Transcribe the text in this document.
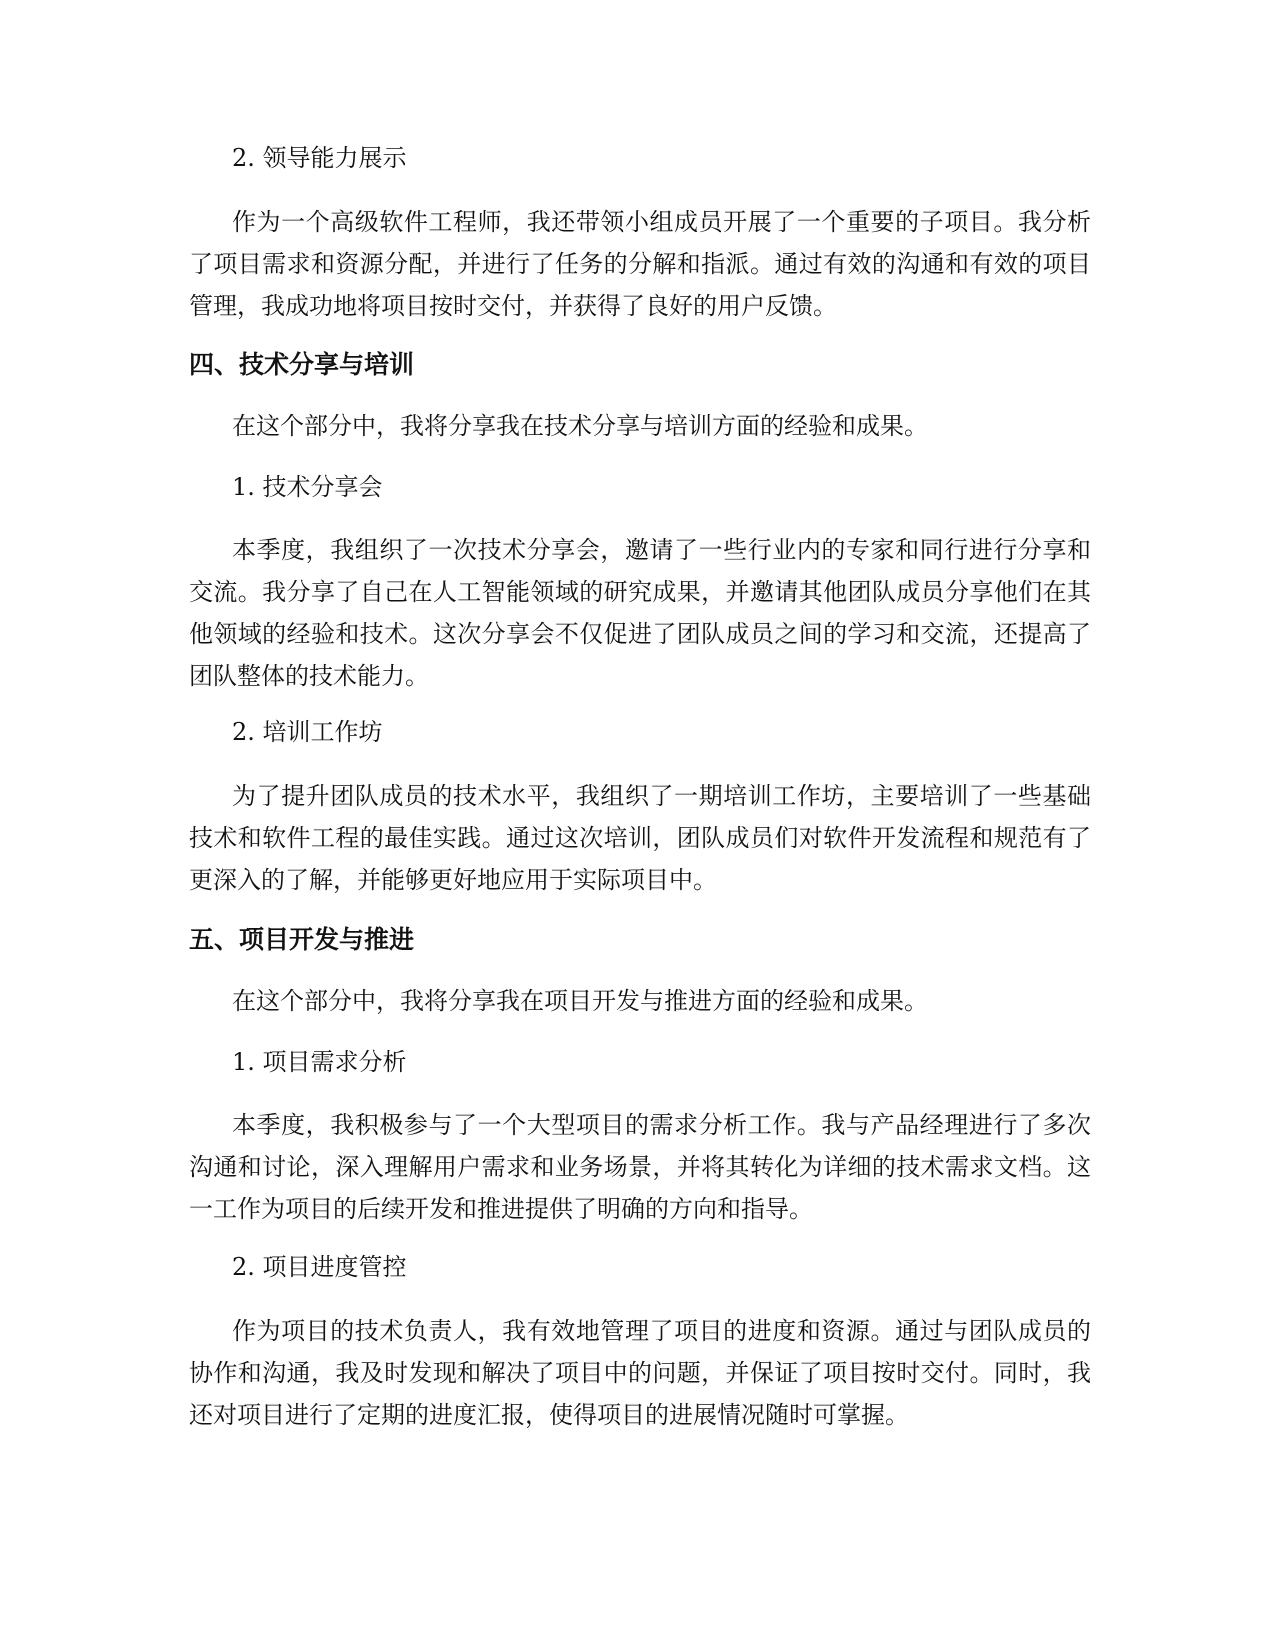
2. 领导能力展示

作为一个高级软件工程师，我还带领小组成员开展了一个重要的子项目。我分析了项目需求和资源分配，并进行了任务的分解和指派。通过有效的沟通和有效的项目管理，我成功地将项目按时交付，并获得了良好的用户反馈。

四、技术分享与培训

在这个部分中，我将分享我在技术分享与培训方面的经验和成果。

1. 技术分享会

本季度，我组织了一次技术分享会，邀请了一些行业内的专家和同行进行分享和交流。我分享了自己在人工智能领域的研究成果，并邀请其他团队成员分享他们在其他领域的经验和技术。这次分享会不仅促进了团队成员之间的学习和交流，还提高了团队整体的技术能力。

2. 培训工作坊

为了提升团队成员的技术水平，我组织了一期培训工作坊，主要培训了一些基础技术和软件工程的最佳实践。通过这次培训，团队成员们对软件开发流程和规范有了更深入的了解，并能够更好地应用于实际项目中。

五、项目开发与推进

在这个部分中，我将分享我在项目开发与推进方面的经验和成果。

1. 项目需求分析

本季度，我积极参与了一个大型项目的需求分析工作。我与产品经理进行了多次沟通和讨论，深入理解用户需求和业务场景，并将其转化为详细的技术需求文档。这一工作为项目的后续开发和推进提供了明确的方向和指导。

2. 项目进度管控

作为项目的技术负责人，我有效地管理了项目的进度和资源。通过与团队成员的协作和沟通，我及时发现和解决了项目中的问题，并保证了项目按时交付。同时，我还对项目进行了定期的进度汇报，使得项目的进展情况随时可掌握。
